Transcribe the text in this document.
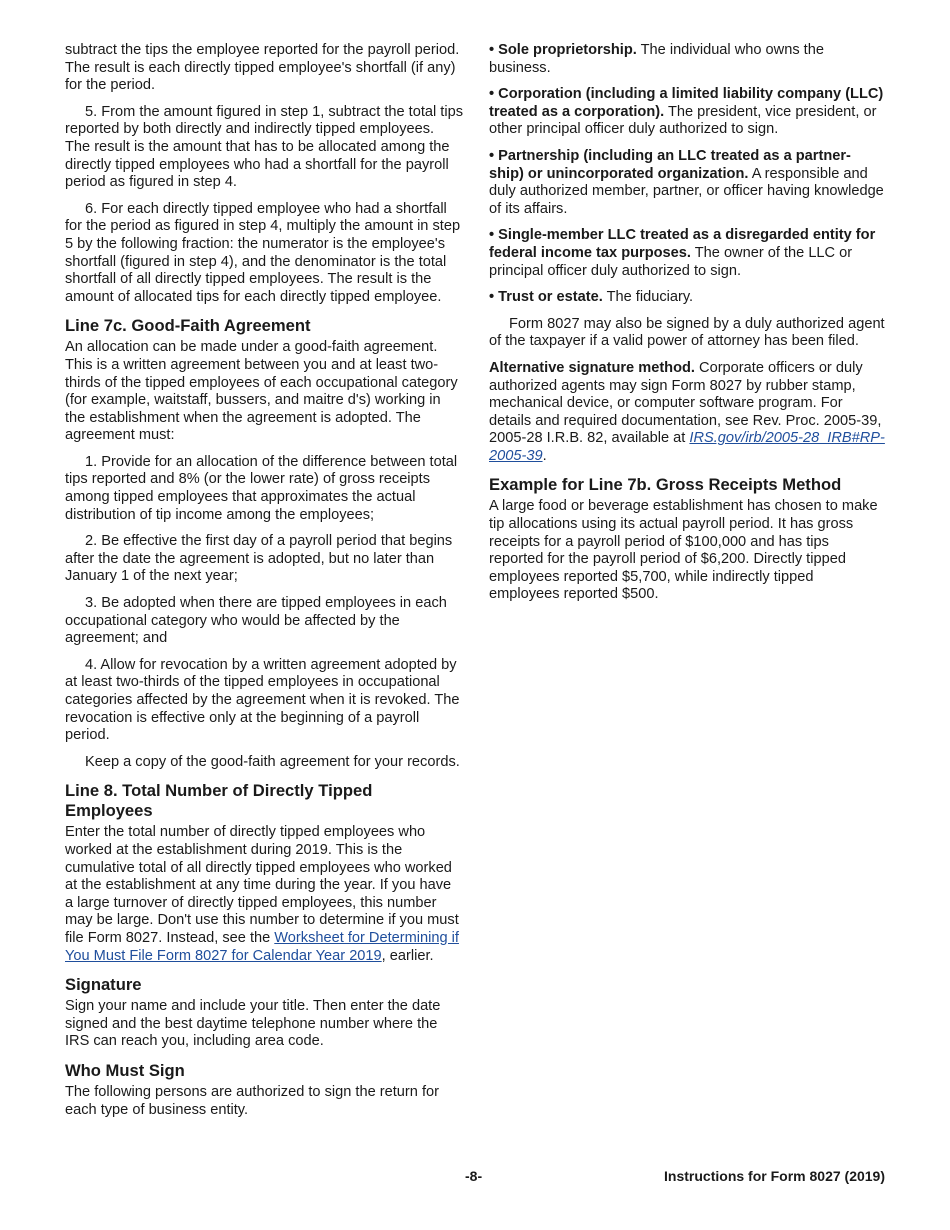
subtract the tips the employee reported for the payroll period. The result is each directly tipped employee's shortfall (if any) for the period.

5. From the amount figured in step 1, subtract the total tips reported by both directly and indirectly tipped employees. The result is the amount that has to be allocated among the directly tipped employees who had a shortfall for the payroll period as figured in step 4.

6. For each directly tipped employee who had a shortfall for the period as figured in step 4, multiply the amount in step 5 by the following fraction: the numerator is the employee's shortfall (figured in step 4), and the denominator is the total shortfall of all directly tipped employees. The result is the amount of allocated tips for each directly tipped employee.

Line 7c. Good-Faith Agreement

An allocation can be made under a good-faith agreement. This is a written agreement between you and at least two-thirds of the tipped employees of each occupational category (for example, waitstaff, bussers, and maitre d's) working in the establishment when the agreement is adopted. The agreement must:

1. Provide for an allocation of the difference between total tips reported and 8% (or the lower rate) of gross receipts among tipped employees that approximates the actual distribution of tip income among the employees;

2. Be effective the first day of a payroll period that begins after the date the agreement is adopted, but no later than January 1 of the next year;

3. Be adopted when there are tipped employees in each occupational category who would be affected by the agreement; and

4. Allow for revocation by a written agreement adopted by at least two-thirds of the tipped employees in occupational categories affected by the agreement when it is revoked. The revocation is effective only at the beginning of a payroll period.

Keep a copy of the good-faith agreement for your records.

Line 8. Total Number of Directly Tipped Employees

Enter the total number of directly tipped employees who worked at the establishment during 2019. This is the cumulative total of all directly tipped employees who worked at the establishment at any time during the year. If you have a large turnover of directly tipped employees, this number may be large. Don't use this number to determine if you must file Form 8027. Instead, see the Worksheet for Determining if You Must File Form 8027 for Calendar Year 2019, earlier.

Signature

Sign your name and include your title. Then enter the date signed and the best daytime telephone number where the IRS can reach you, including area code.

Who Must Sign

The following persons are authorized to sign the return for each type of business entity.

• Sole proprietorship. The individual who owns the business.

• Corporation (including a limited liability company (LLC) treated as a corporation). The president, vice president, or other principal officer duly authorized to sign.

• Partnership (including an LLC treated as a partner-ship) or unincorporated organization. A responsible and duly authorized member, partner, or officer having knowledge of its affairs.

• Single-member LLC treated as a disregarded entity for federal income tax purposes. The owner of the LLC or principal officer duly authorized to sign.

• Trust or estate. The fiduciary.

Form 8027 may also be signed by a duly authorized agent of the taxpayer if a valid power of attorney has been filed.

Alternative signature method. Corporate officers or duly authorized agents may sign Form 8027 by rubber stamp, mechanical device, or computer software program. For details and required documentation, see Rev. Proc. 2005-39, 2005-28 I.R.B. 82, available at IRS.gov/irb/2005-28_IRB#RP-2005-39.

Example for Line 7b. Gross Receipts Method

A large food or beverage establishment has chosen to make tip allocations using its actual payroll period. It has gross receipts for a payroll period of $100,000 and has tips reported for the payroll period of $6,200. Directly tipped employees reported $5,700, while indirectly tipped employees reported $500.

-8-	Instructions for Form 8027 (2019)
